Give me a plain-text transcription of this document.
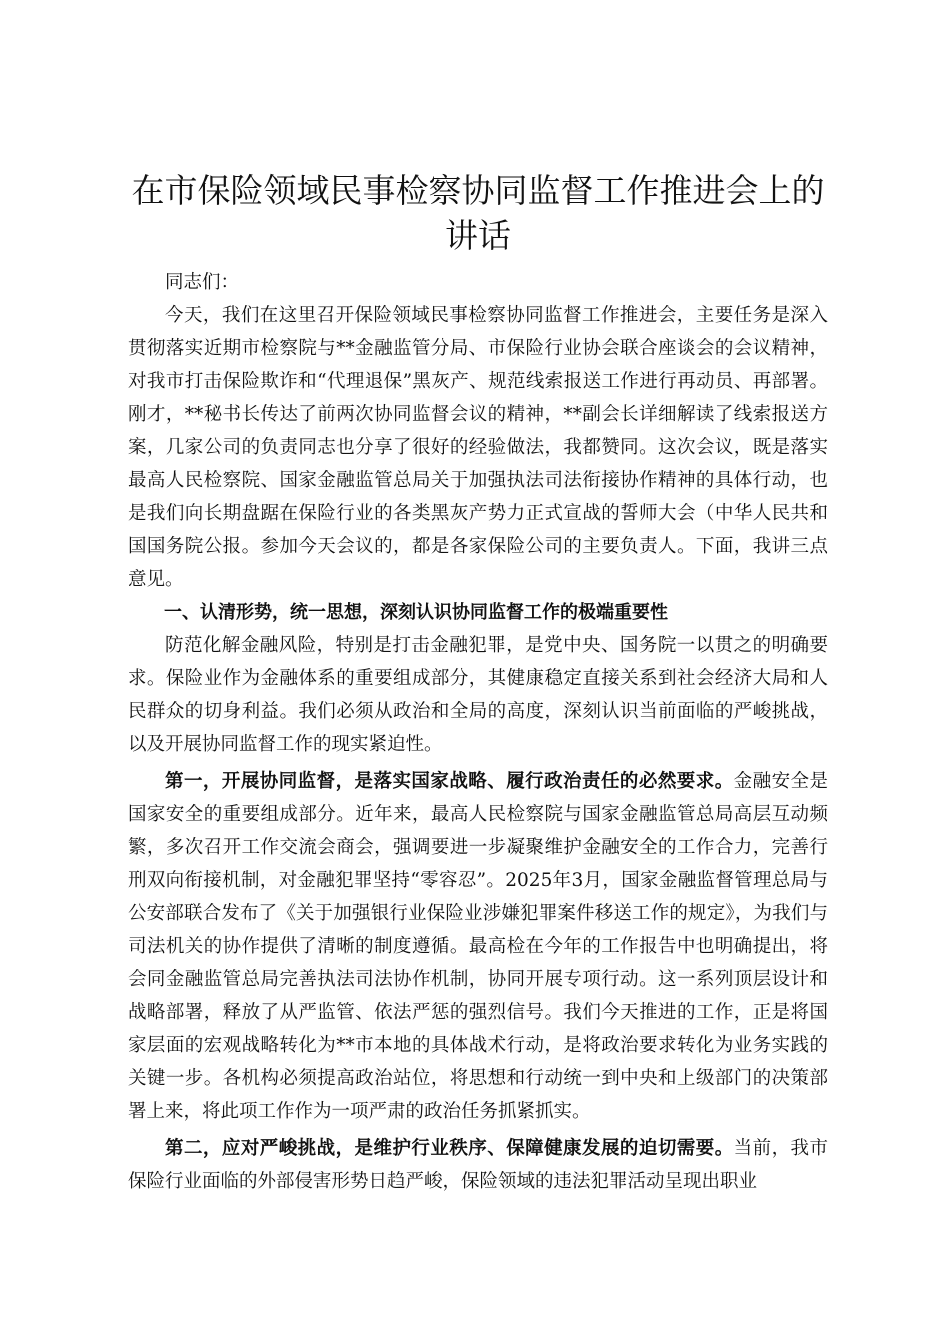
在市保险领域民事检察协同监督工作推进会上的讲话

同志们：

今天，我们在这里召开保险领域民事检察协同监督工作推进会，主要任务是深入贯彻落实近期市检察院与**金融监管分局、市保险行业协会联合座谈会的会议精神，对我市打击保险欺诈和“代理退保”黑灰产、规范线索报送工作进行再动员、再部署。刚才，**秘书长传达了前两次协同监督会议的精神，**副会长详细解读了线索报送方案，几家公司的负责同志也分享了很好的经验做法，我都赞同。这次会议，既是落实最高人民检察院、国家金融监管总局关于加强执法司法衔接协作精神的具体行动，也是我们向长期盘踞在保险行业的各类黑灰产势力正式宣战的誓师大会（中华人民共和国国务院公报。参加今天会议的，都是各家保险公司的主要负责人。下面，我讲三点意见。

一、认清形势，统一思想，深刻认识协同监督工作的极端重要性

防范化解金融风险，特别是打击金融犯罪，是党中央、国务院一以贯之的明确要求。保险业作为金融体系的重要组成部分，其健康稳定直接关系到社会经济大局和人民群众的切身利益。我们必须从政治和全局的高度，深刻认识当前面临的严峻挑战，以及开展协同监督工作的现实紧迫性。

第一，开展协同监督，是落实国家战略、履行政治责任的必然要求。金融安全是国家安全的重要组成部分。近年来，最高人民检察院与国家金融监管总局高层互动频繁，多次召开工作交流会商会，强调要进一步凝聚维护金融安全的工作合力，完善行刑双向衔接机制，对金融犯罪坚持“零容忍”。2025年3月，国家金融监督管理总局与公安部联合发布了《关于加强银行业保险业涉嫌犯罪案件移送工作的规定》，为我们与司法机关的协作提供了清晰的制度遵循。最高检在今年的工作报告中也明确提出，将会同金融监管总局完善执法司法协作机制，协同开展专项行动。这一系列顶层设计和战略部署，释放了从严监管、依法严惩的强烈信号。我们今天推进的工作，正是将国家层面的宏观战略转化为**市本地的具体战术行动，是将政治要求转化为业务实践的关键一步。各机构必须提高政治站位，将思想和行动统一到中央和上级部门的决策部署上来，将此项工作作为一项严肃的政治任务抓紧抓实。

第二，应对严峻挑战，是维护行业秩序、保障健康发展的迫切需要。当前，我市保险行业面临的外部侵害形势日趋严峻，保险领域的违法犯罪活动呈现出职业
